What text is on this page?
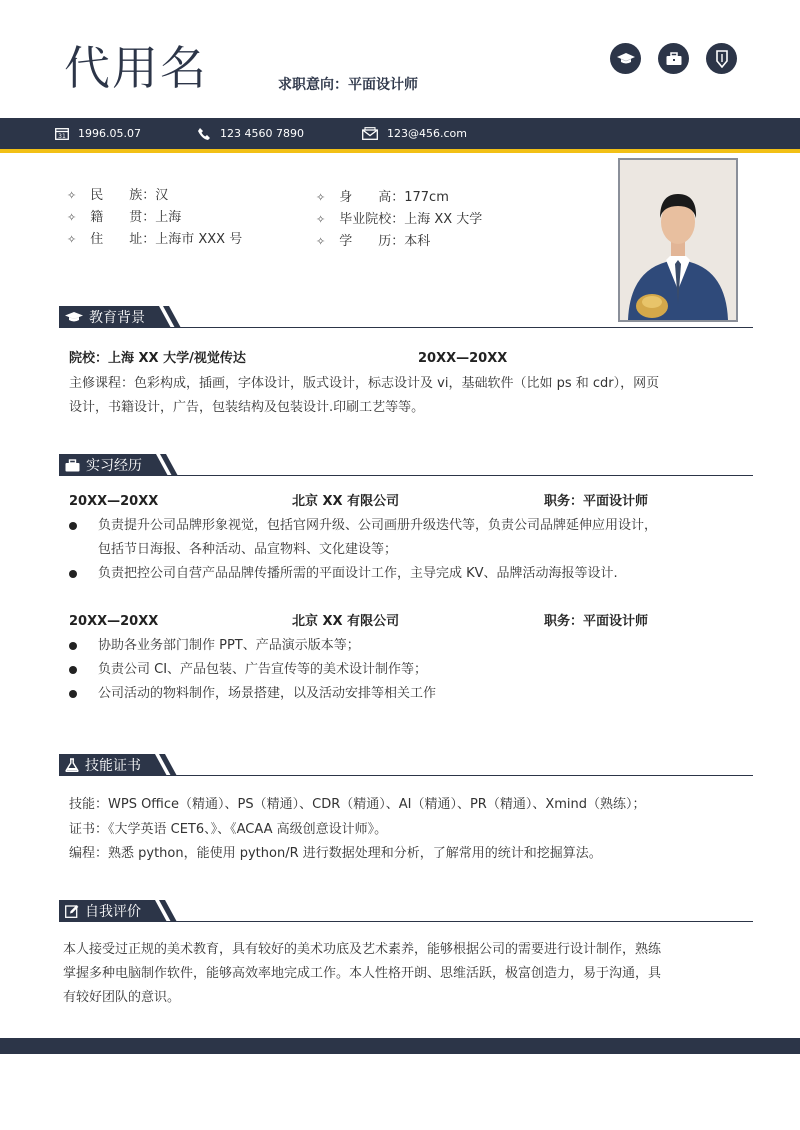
代用名	求职意向：平面设计师
31 1996.05.07	123 4560 7890	123@456.com
✧ 民　　族：汉
✧ 籍　　贯：上海
✧ 住　　址：上海市 XXX 号
✧ 身　　高：177cm
✧ 毕业院校：上海 XX 大学
✧ 学　　历：本科
教育背景
院校：上海 XX 大学/视觉传达	20XX—20XX
主修课程：色彩构成，插画，字体设计，版式设计，标志设计及 vi，基础软件（比如 ps 和 cdr），网页
设计，书籍设计，广告，包装结构及包装设计.印刷工艺等等。
实习经历
20XX—20XX	北京 XX 有限公司	职务：平面设计师
负责提升公司品牌形象视觉，包括官网升级、公司画册升级迭代等，负责公司品牌延伸应用设计，
包括节日海报、各种活动、品宣物料、文化建设等；
负责把控公司自营产品品牌传播所需的平面设计工作，主导完成 KV、品牌活动海报等设计.
20XX—20XX	北京 XX 有限公司	职务：平面设计师
协助各业务部门制作 PPT、产品演示版本等；
负责公司 CI、产品包装、广告宣传等的美术设计制作等；
公司活动的物料制作，场景搭建，以及活动安排等相关工作
技能证书
技能：WPS Office（精通）、PS（精通）、CDR（精通）、AI（精通）、PR（精通）、Xmind（熟练）；
证书：《大学英语 CET6、》、《ACAA 高级创意设计师》。
编程：熟悉 python，能使用 python/R 进行数据处理和分析，了解常用的统计和挖掘算法。
自我评价
本人接受过正规的美术教育，具有较好的美术功底及艺术素养，能够根据公司的需要进行设计制作，熟练
掌握多种电脑制作软件，能够高效率地完成工作。本人性格开朗、思维活跃，极富创造力，易于沟通，具
有较好团队的意识。
